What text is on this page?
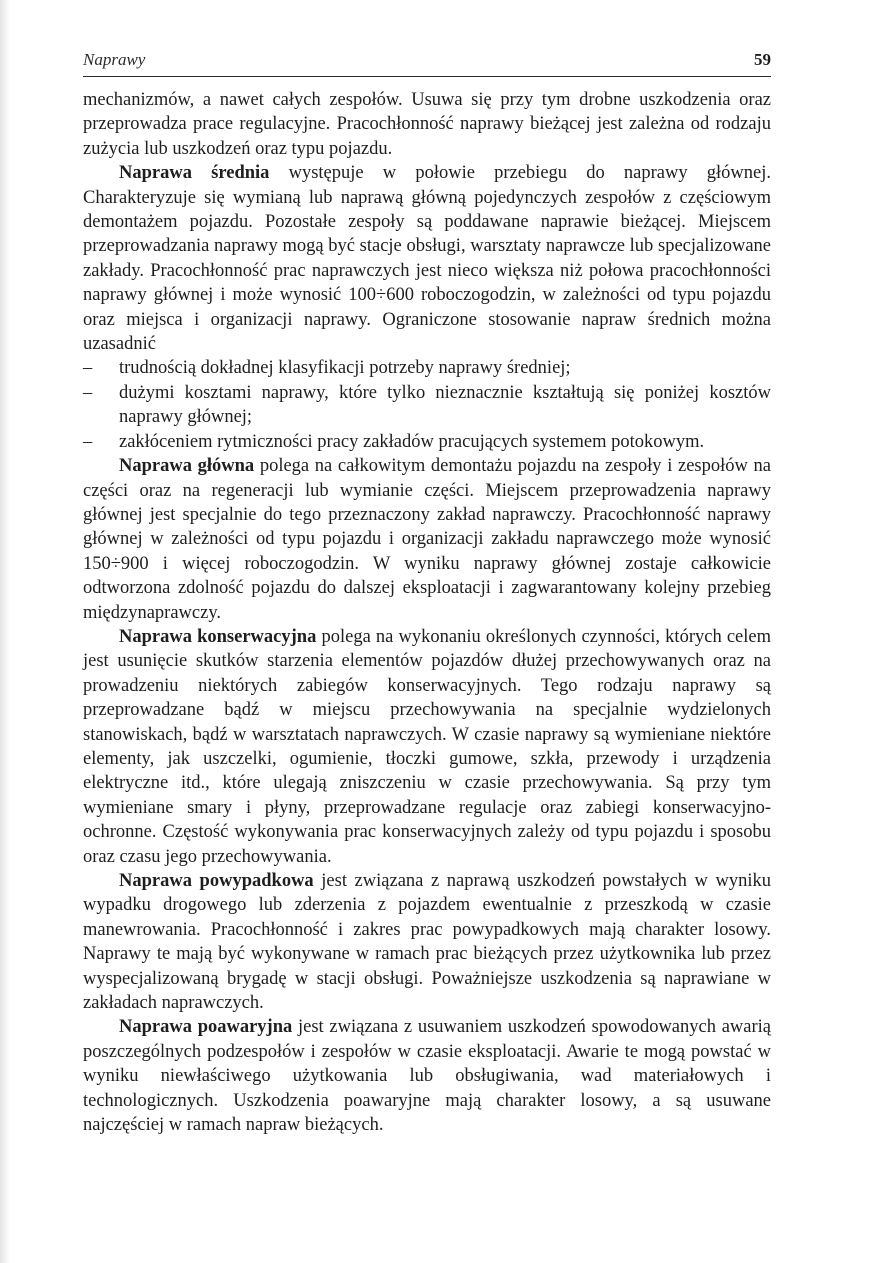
Naprawy	59

mechanizmów, a nawet całych zespołów. Usuwa się przy tym drobne uszkodzenia oraz przeprowadza prace regulacyjne. Pracochłonność naprawy bieżącej jest zależna od rodzaju zużycia lub uszkodzeń oraz typu pojazdu.

Naprawa średnia występuje w połowie przebiegu do naprawy głównej. Charakteryzuje się wymianą lub naprawą główną pojedynczych zespołów z częściowym demontażem pojazdu. Pozostałe zespoły są poddawane naprawie bieżącej. Miejscem przeprowadzania naprawy mogą być stacje obsługi, warsztaty naprawcze lub specjalizowane zakłady. Pracochłonność prac naprawczych jest nieco większa niż połowa pracochłonności naprawy głównej i może wynosić 100÷600 roboczogodzin, w zależności od typu pojazdu oraz miejsca i organizacji naprawy. Ograniczone stosowanie napraw średnich można uzasadnić

– trudnością dokładnej klasyfikacji potrzeby naprawy średniej;
– dużymi kosztami naprawy, które tylko nieznacznie kształtują się poniżej kosztów naprawy głównej;
– zakłóceniem rytmiczności pracy zakładów pracujących systemem potokowym.

Naprawa główna polega na całkowitym demontażu pojazdu na zespoły i zespołów na części oraz na regeneracji lub wymianie części. Miejscem przeprowadzenia naprawy głównej jest specjalnie do tego przeznaczony zakład naprawczy. Pracochłonność naprawy głównej w zależności od typu pojazdu i organizacji zakładu naprawczego może wynosić 150÷900 i więcej roboczogodzin. W wyniku naprawy głównej zostaje całkowicie odtworzona zdolność pojazdu do dalszej eksploatacji i zagwarantowany kolejny przebieg międzynaprawczy.

Naprawa konserwacyjna polega na wykonaniu określonych czynności, których celem jest usunięcie skutków starzenia elementów pojazdów dłużej przechowywanych oraz na prowadzeniu niektórych zabiegów konserwacyjnych. Tego rodzaju naprawy są przeprowadzane bądź w miejscu przechowywania na specjalnie wydzielonych stanowiskach, bądź w warsztatach naprawczych. W czasie naprawy są wymieniane niektóre elementy, jak uszczelki, ogumienie, tłoczki gumowe, szkła, przewody i urządzenia elektryczne itd., które ulegają zniszczeniu w czasie przechowywania. Są przy tym wymieniane smary i płyny, przeprowadzane regulacje oraz zabiegi konserwacyjno-ochronne. Częstość wykonywania prac konserwacyjnych zależy od typu pojazdu i sposobu oraz czasu jego przechowywania.

Naprawa powypadkowa jest związana z naprawą uszkodzeń powstałych w wyniku wypadku drogowego lub zderzenia z pojazdem ewentualnie z przeszkodą w czasie manewrowania. Pracochłonność i zakres prac powypadkowych mają charakter losowy. Naprawy te mają być wykonywane w ramach prac bieżących przez użytkownika lub przez wyspecjalizowaną brygadę w stacji obsługi. Poważniejsze uszkodzenia są naprawiane w zakładach naprawczych.

Naprawa poawaryjna jest związana z usuwaniem uszkodzeń spowodowanych awarią poszczególnych podzespołów i zespołów w czasie eksploatacji. Awarie te mogą powstać w wyniku niewłaściwego użytkowania lub obsługiwania, wad materiałowych i technologicznych. Uszkodzenia poawaryjne mają charakter losowy, a są usuwane najczęściej w ramach napraw bieżących.
